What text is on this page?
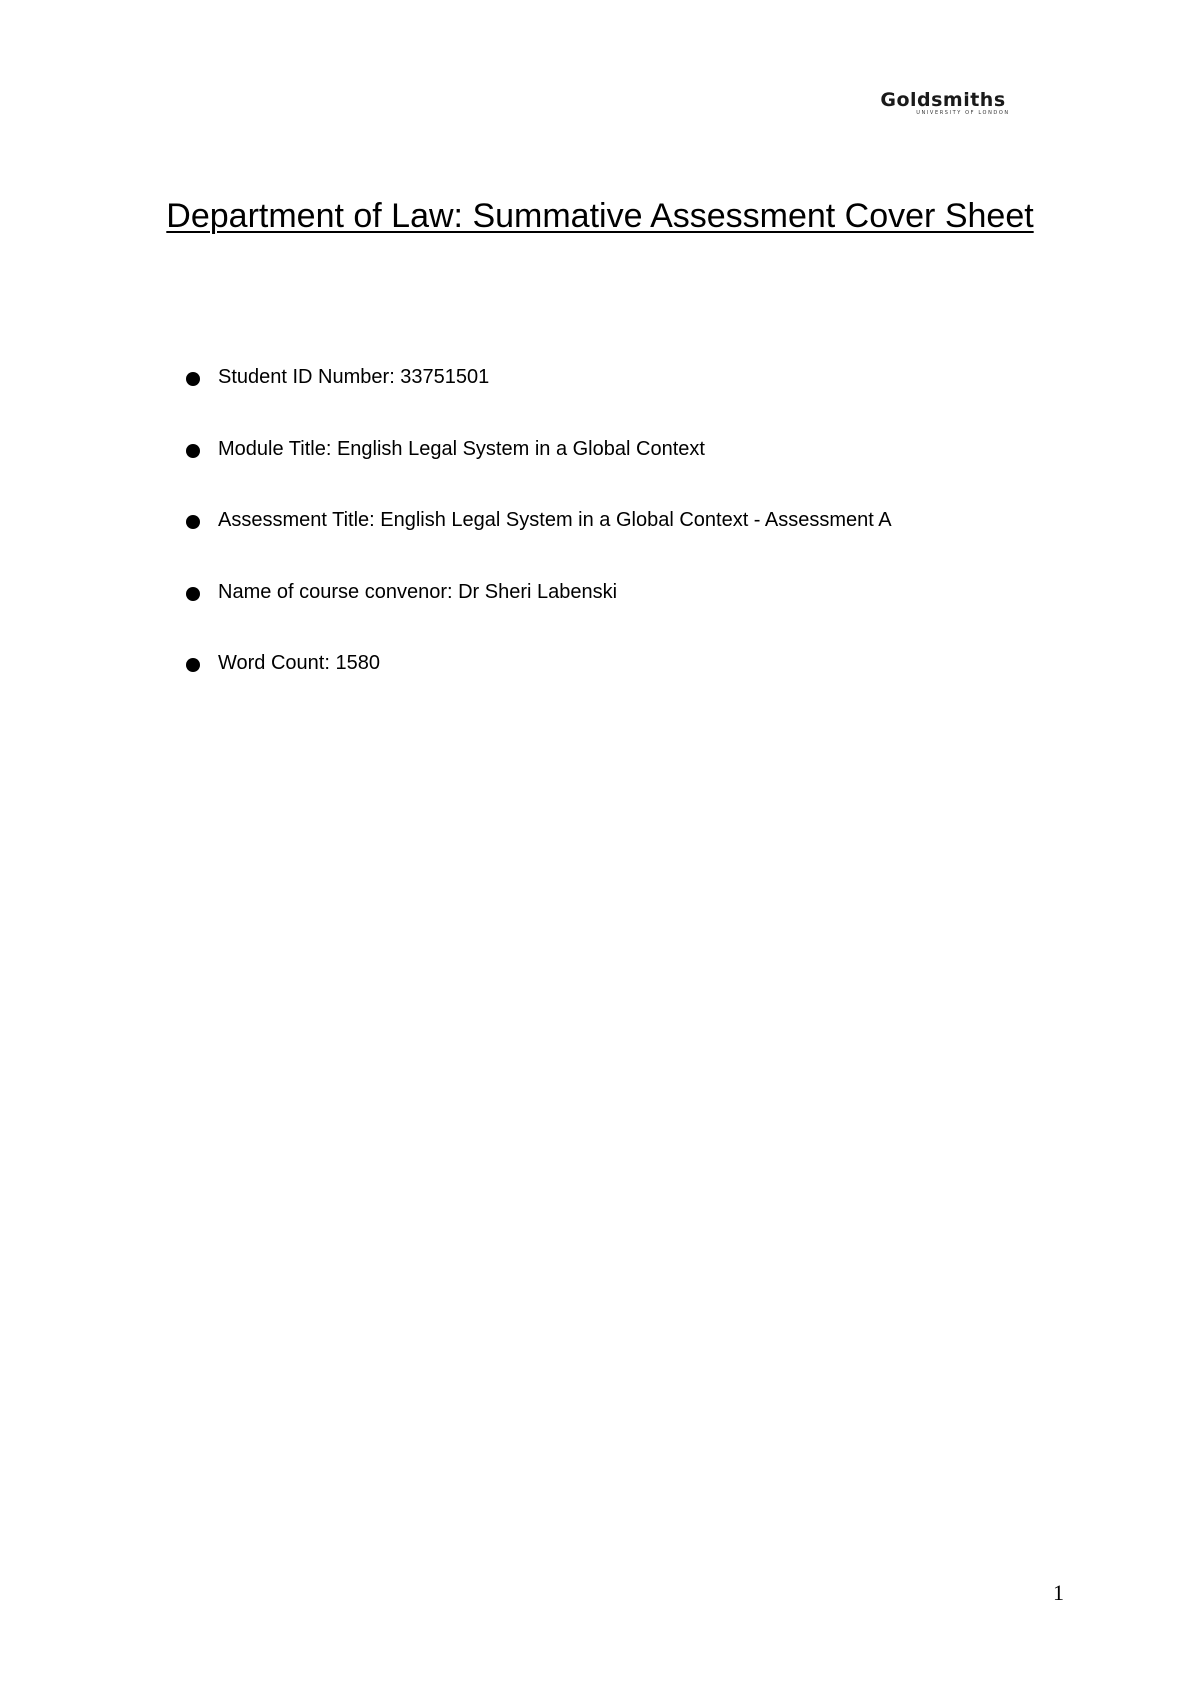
Goldsmiths
UNIVERSITY OF LONDON
Department of Law: Summative Assessment Cover Sheet
Student ID Number: 33751501
Module Title: English Legal System in a Global Context
Assessment Title: English Legal System in a Global Context - Assessment A
Name of course convenor: Dr Sheri Labenski
Word Count: 1580
1
